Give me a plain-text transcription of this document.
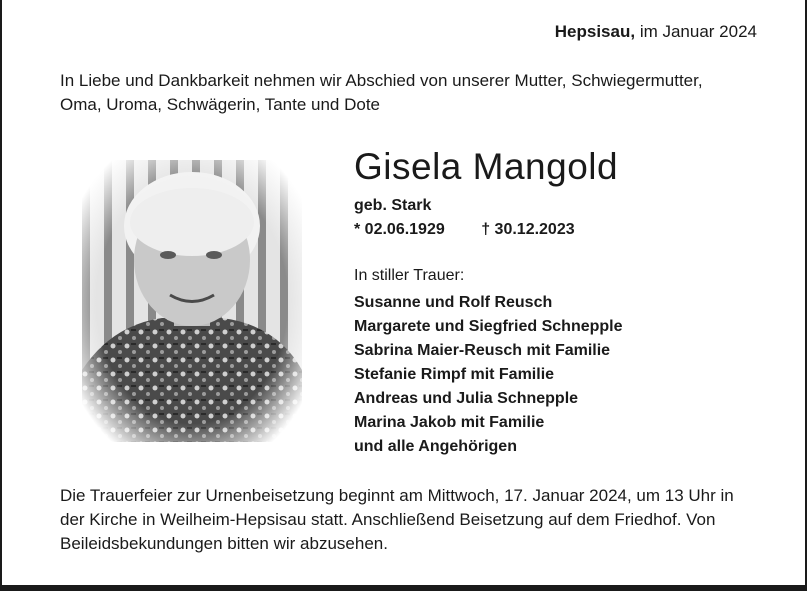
Hepsisau, im Januar 2024
In Liebe und Dankbarkeit nehmen wir Abschied von unserer Mutter, Schwiegermutter, Oma, Uroma, Schwägerin, Tante und Dote
Gisela Mangold
geb. Stark
* 02.06.1929 † 30.12.2023
In stiller Trauer:
Susanne und Rolf Reusch
Margarete und Siegfried Schnepple
Sabrina Maier-Reusch mit Familie
Stefanie Rimpf mit Familie
Andreas und Julia Schnepple
Marina Jakob mit Familie
und alle Angehörigen
Die Trauerfeier zur Urnenbeisetzung beginnt am Mittwoch, 17. Januar 2024, um 13 Uhr in der Kirche in Weilheim-Hepsisau statt. Anschließend Beisetzung auf dem Friedhof. Von Beileidsbekundungen bitten wir abzusehen.
